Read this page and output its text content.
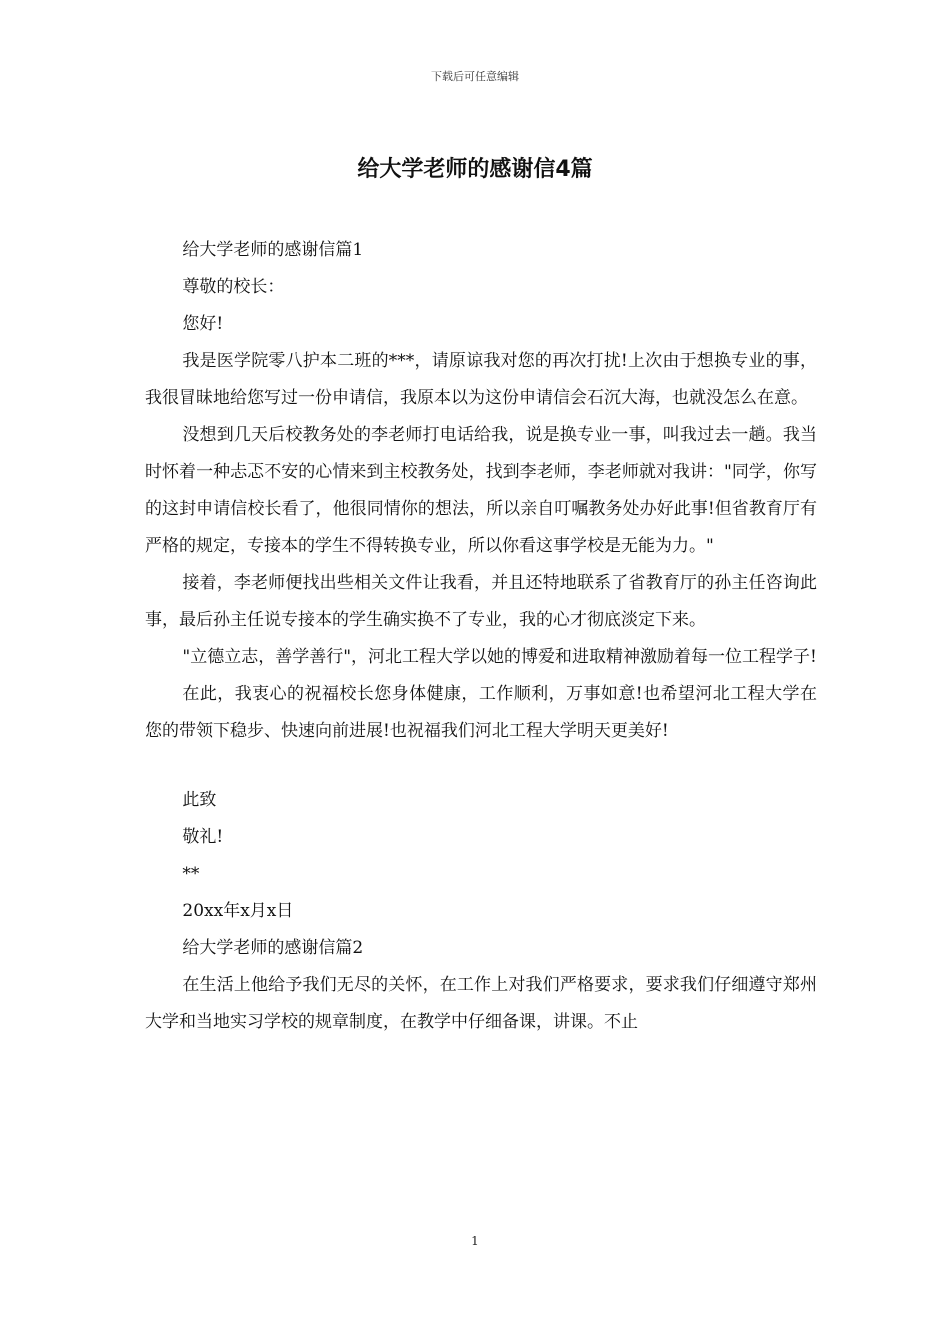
下载后可任意编辑
给大学老师的感谢信4篇

给大学老师的感谢信篇1

尊敬的校长：

您好!

我是医学院零八护本二班的***，请原谅我对您的再次打扰!上次由于想换专业的事，我很冒昧地给您写过一份申请信，我原本以为这份申请信会石沉大海，也就没怎么在意。

没想到几天后校教务处的李老师打电话给我，说是换专业一事，叫我过去一趟。我当时怀着一种忐忑不安的心情来到主校教务处，找到李老师，李老师就对我讲："同学，你写的这封申请信校长看了，他很同情你的想法，所以亲自叮嘱教务处办好此事!但省教育厅有严格的规定，专接本的学生不得转换专业，所以你看这事学校是无能为力。"

接着，李老师便找出些相关文件让我看，并且还特地联系了省教育厅的孙主任咨询此事，最后孙主任说专接本的学生确实换不了专业，我的心才彻底淡定下来。

"立德立志，善学善行"，河北工程大学以她的博爱和进取精神激励着每一位工程学子!

在此，我衷心的祝福校长您身体健康，工作顺利，万事如意!也希望河北工程大学在您的带领下稳步、快速向前进展!也祝福我们河北工程大学明天更美好!

此致

敬礼!

**

20xx年x月x日

给大学老师的感谢信篇2

在生活上他给予我们无尽的关怀，在工作上对我们严格要求，要求我们仔细遵守郑州大学和当地实习学校的规章制度，在教学中仔细备课，讲课。不止

1
